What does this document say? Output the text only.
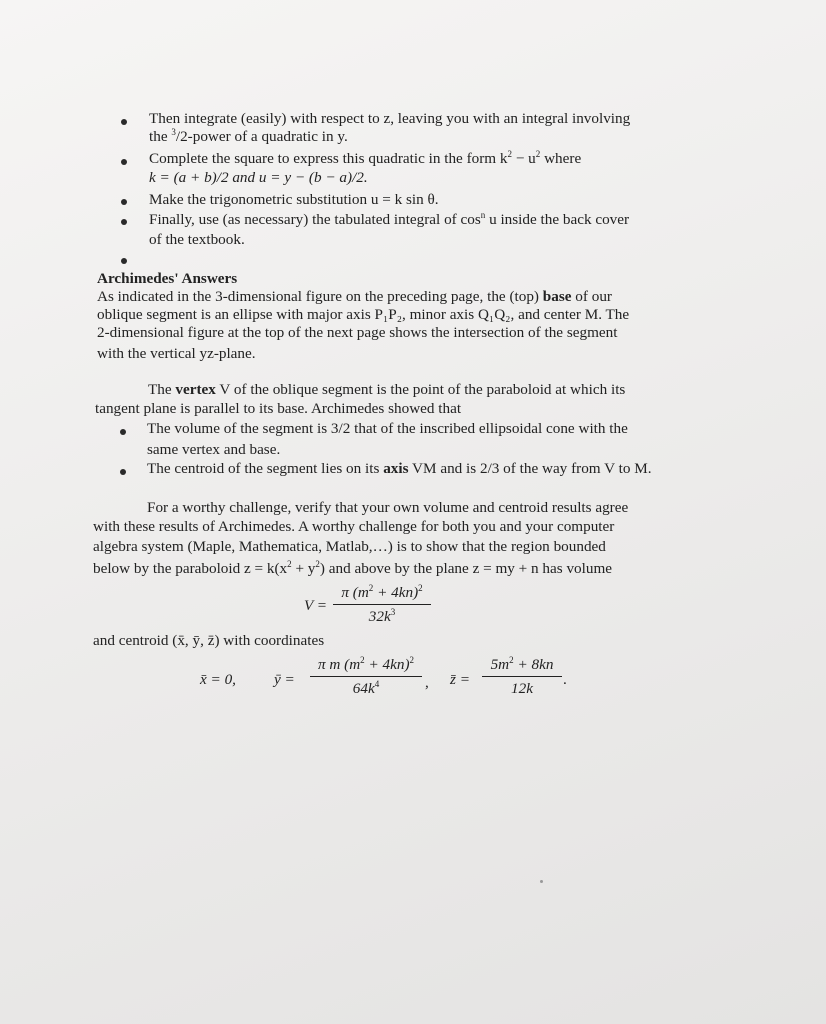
Then integrate (easily) with respect to z, leaving you with an integral involving
the $^3$/2-power of a quadratic in y.
Complete the square to express this quadratic in the form $k^2 - u^2$ where
k = (a + b)/2 and u = y − (b − a)/2.
Make the trigonometric substitution u = k sin θ.
Finally, use (as necessary) the tabulated integral of $\cos^n u$ inside the back cover
of the textbook.
Archimedes' Answers
As indicated in the 3-dimensional figure on the preceding page, the (top) base of our
oblique segment is an ellipse with major axis P₁P₂, minor axis Q₁Q₂, and center M. The
2-dimensional figure at the top of the next page shows the intersection of the segment
with the vertical yz-plane.
The vertex V of the oblique segment is the point of the paraboloid at which its
tangent plane is parallel to its base. Archimedes showed that
The volume of the segment is 3/2 that of the inscribed ellipsoidal cone with the
same vertex and base.
The centroid of the segment lies on its axis VM and is 2/3 of the way from V to M.
For a worthy challenge, verify that your own volume and centroid results agree
with these results of Archimedes. A worthy challenge for both you and your computer
algebra system (Maple, Mathematica, Matlab,…) is to show that the region bounded
below by the paraboloid $z = k(x^2 + y^2)$ and above by the plane z = my + n has volume
V =
π $(m^2 + 4kn)^2$
$32k^3$
and centroid (x̄, ȳ, z̄) with coordinates
x̄ = 0,	ȳ =
π m $(m^2 + 4kn)^2$
$64k^4$	, z̄ =
$5m^2 + 8kn$
12k
.
